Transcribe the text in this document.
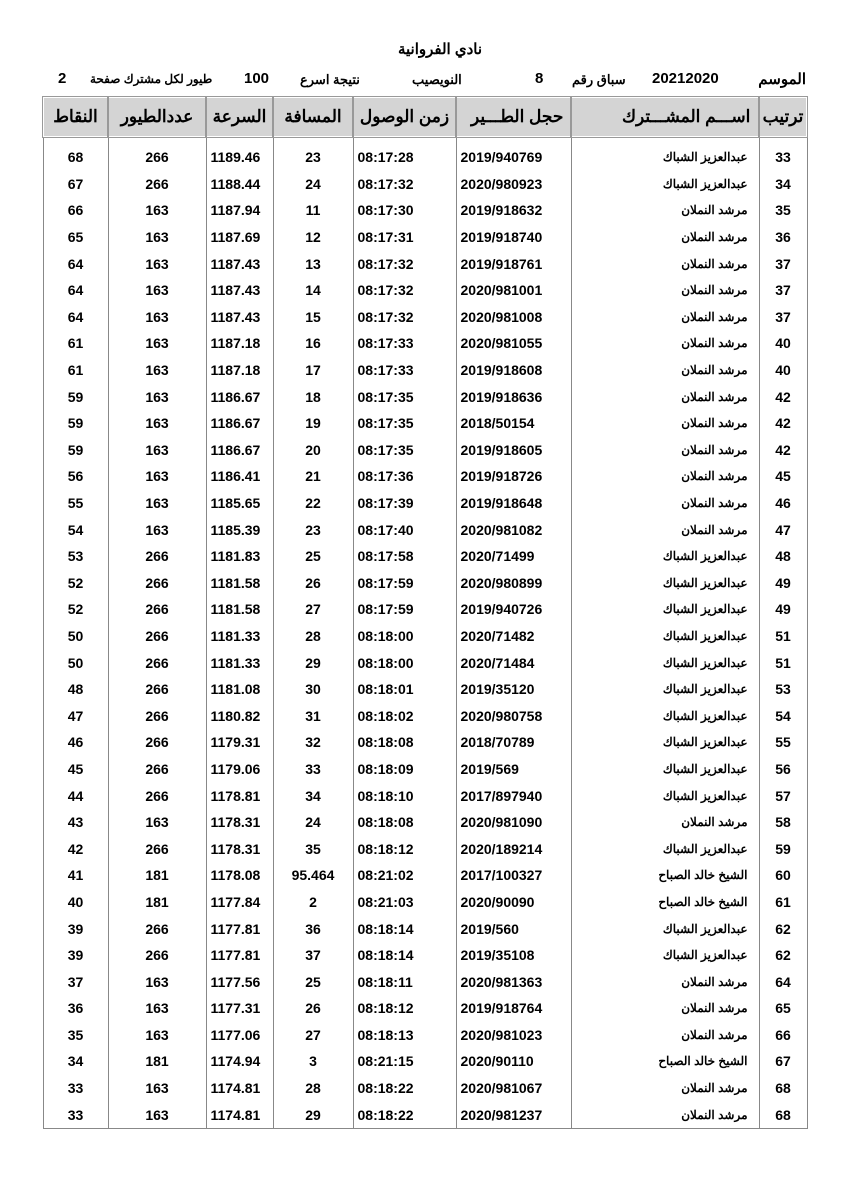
نادي الفروانية
الموسم
20212020
سباق رقم
8
النويصيب
نتيجة اسرع
100
طيور لكل مشترك صفحة
2
ترتيب	اســـم المشـــترك	حجل الطـــير	زمن الوصول	المسافة	السرعة	عددالطيور	النقاط
33	عبدالعزيز الشباك	2019/940769	08:17:28	23	1189.46	266	68
34	عبدالعزيز الشباك	2020/980923	08:17:32	24	1188.44	266	67
35	مرشد النملان	2019/918632	08:17:30	11	1187.94	163	66
36	مرشد النملان	2019/918740	08:17:31	12	1187.69	163	65
37	مرشد النملان	2019/918761	08:17:32	13	1187.43	163	64
37	مرشد النملان	2020/981001	08:17:32	14	1187.43	163	64
37	مرشد النملان	2020/981008	08:17:32	15	1187.43	163	64
40	مرشد النملان	2020/981055	08:17:33	16	1187.18	163	61
40	مرشد النملان	2019/918608	08:17:33	17	1187.18	163	61
42	مرشد النملان	2019/918636	08:17:35	18	1186.67	163	59
42	مرشد النملان	2018/50154	08:17:35	19	1186.67	163	59
42	مرشد النملان	2019/918605	08:17:35	20	1186.67	163	59
45	مرشد النملان	2019/918726	08:17:36	21	1186.41	163	56
46	مرشد النملان	2019/918648	08:17:39	22	1185.65	163	55
47	مرشد النملان	2020/981082	08:17:40	23	1185.39	163	54
48	عبدالعزيز الشباك	2020/71499	08:17:58	25	1181.83	266	53
49	عبدالعزيز الشباك	2020/980899	08:17:59	26	1181.58	266	52
49	عبدالعزيز الشباك	2019/940726	08:17:59	27	1181.58	266	52
51	عبدالعزيز الشباك	2020/71482	08:18:00	28	1181.33	266	50
51	عبدالعزيز الشباك	2020/71484	08:18:00	29	1181.33	266	50
53	عبدالعزيز الشباك	2019/35120	08:18:01	30	1181.08	266	48
54	عبدالعزيز الشباك	2020/980758	08:18:02	31	1180.82	266	47
55	عبدالعزيز الشباك	2018/70789	08:18:08	32	1179.31	266	46
56	عبدالعزيز الشباك	2019/569	08:18:09	33	1179.06	266	45
57	عبدالعزيز الشباك	2017/897940	08:18:10	34	1178.81	266	44
58	مرشد النملان	2020/981090	08:18:08	24	1178.31	163	43
59	عبدالعزيز الشباك	2020/189214	08:18:12	35	1178.31	266	42
60	الشيخ خالد الصباح	2017/100327	08:21:02	95.464	1178.08	181	41
61	الشيخ خالد الصباح	2020/90090	08:21:03	2	1177.84	181	40
62	عبدالعزيز الشباك	2019/560	08:18:14	36	1177.81	266	39
62	عبدالعزيز الشباك	2019/35108	08:18:14	37	1177.81	266	39
64	مرشد النملان	2020/981363	08:18:11	25	1177.56	163	37
65	مرشد النملان	2019/918764	08:18:12	26	1177.31	163	36
66	مرشد النملان	2020/981023	08:18:13	27	1177.06	163	35
67	الشيخ خالد الصباح	2020/90110	08:21:15	3	1174.94	181	34
68	مرشد النملان	2020/981067	08:18:22	28	1174.81	163	33
68	مرشد النملان	2020/981237	08:18:22	29	1174.81	163	33
